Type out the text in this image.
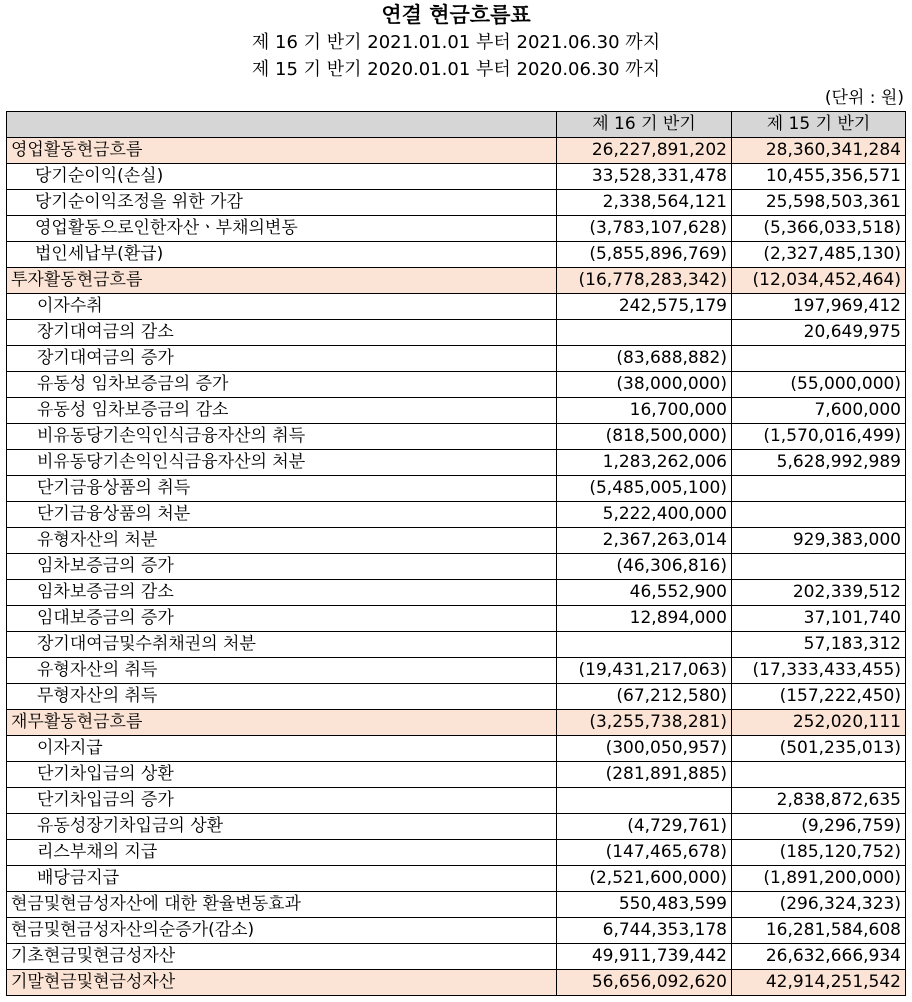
연결 현금흐름표
제 16 기 반기 2021.01.01 부터 2021.06.30 까지
제 15 기 반기 2020.01.01 부터 2020.06.30 까지
(단위 : 원)
	제 16 기 반기	제 15 기 반기
영업활동현금흐름	26,227,891,202	28,360,341,284
당기순이익(손실)	33,528,331,478	10,455,356,571
당기순이익조정을 위한 가감	2,338,564,121	25,598,503,361
영업활동으로인한자산ㆍ부채의변동	(3,783,107,628)	(5,366,033,518)
법인세납부(환급)	(5,855,896,769)	(2,327,485,130)
투자활동현금흐름	(16,778,283,342)	(12,034,452,464)
이자수취	242,575,179	197,969,412
장기대여금의 감소		20,649,975
장기대여금의 증가	(83,688,882)	
유동성 임차보증금의 증가	(38,000,000)	(55,000,000)
유동성 임차보증금의 감소	16,700,000	7,600,000
비유동당기손익인식금융자산의 취득	(818,500,000)	(1,570,016,499)
비유동당기손익인식금융자산의 처분	1,283,262,006	5,628,992,989
단기금융상품의 취득	(5,485,005,100)	
단기금융상품의 처분	5,222,400,000	
유형자산의 처분	2,367,263,014	929,383,000
임차보증금의 증가	(46,306,816)	
임차보증금의 감소	46,552,900	202,339,512
임대보증금의 증가	12,894,000	37,101,740
장기대여금및수취채권의 처분		57,183,312
유형자산의 취득	(19,431,217,063)	(17,333,433,455)
무형자산의 취득	(67,212,580)	(157,222,450)
재무활동현금흐름	(3,255,738,281)	252,020,111
이자지급	(300,050,957)	(501,235,013)
단기차입금의 상환	(281,891,885)	
단기차입금의 증가		2,838,872,635
유동성장기차입금의 상환	(4,729,761)	(9,296,759)
리스부채의 지급	(147,465,678)	(185,120,752)
배당금지급	(2,521,600,000)	(1,891,200,000)
현금및현금성자산에 대한 환율변동효과	550,483,599	(296,324,323)
현금및현금성자산의순증가(감소)	6,744,353,178	16,281,584,608
기초현금및현금성자산	49,911,739,442	26,632,666,934
기말현금및현금성자산	56,656,092,620	42,914,251,542
